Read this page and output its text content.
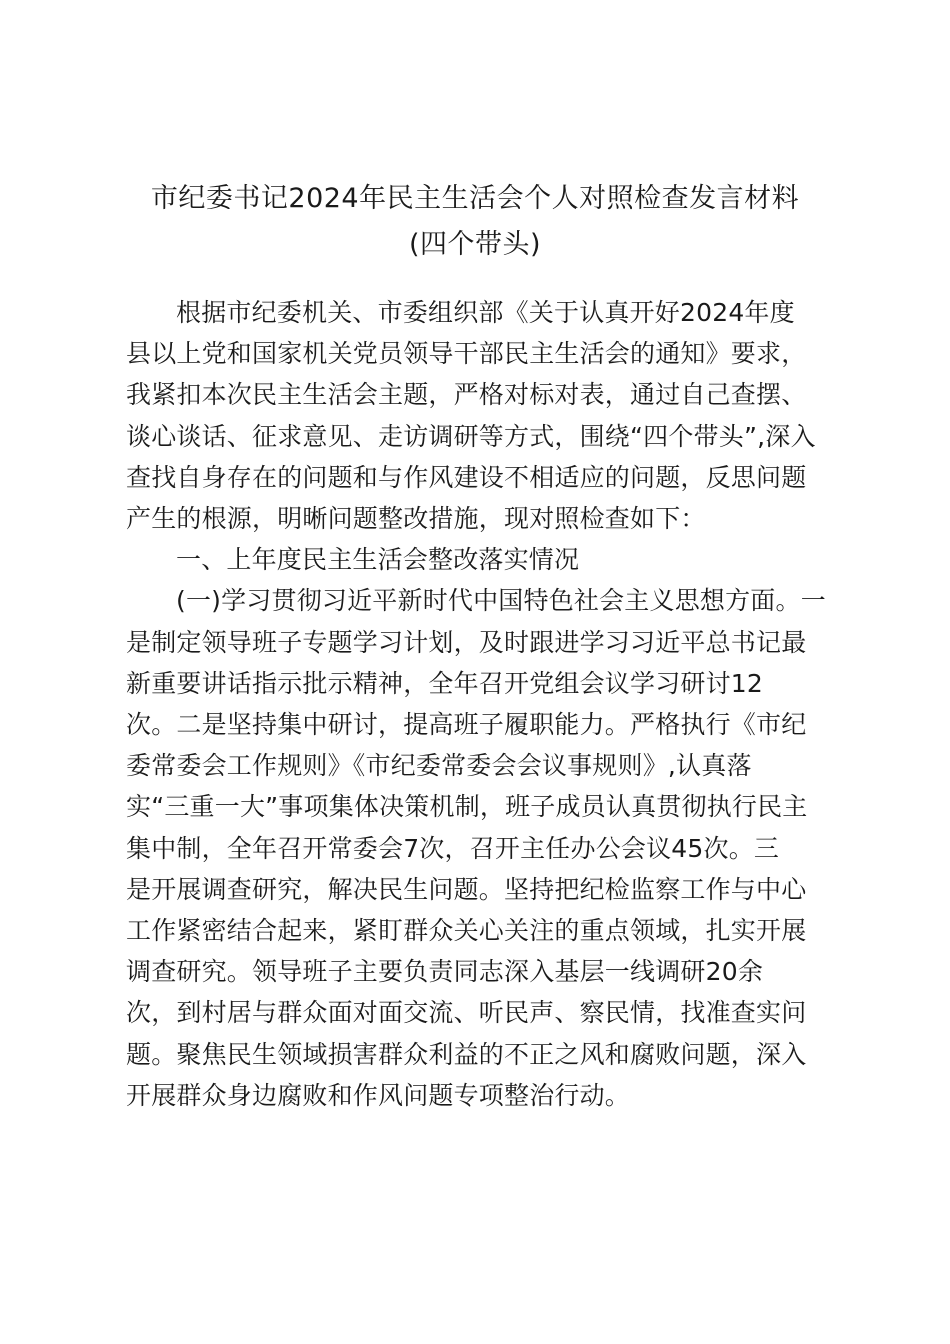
市纪委书记2024年民主生活会个人对照检查发言材料

(四个带头)

根据市纪委机关、市委组织部《关于认真开好2024年度

县以上党和国家机关党员领导干部民主生活会的通知》要求，

我紧扣本次民主生活会主题，严格对标对表，通过自己查摆、

谈心谈话、征求意见、走访调研等方式，围绕“四个带头”,深入

查找自身存在的问题和与作风建设不相适应的问题，反思问题

产生的根源，明晰问题整改措施，现对照检查如下：

一、上年度民主生活会整改落实情况

(一)学习贯彻习近平新时代中国特色社会主义思想方面。一

是制定领导班子专题学习计划，及时跟进学习习近平总书记最

新重要讲话指示批示精神，全年召开党组会议学习研讨12

次。二是坚持集中研讨，提高班子履职能力。严格执行《市纪

委常委会工作规则》《市纪委常委会会议事规则》,认真落

实“三重一大”事项集体决策机制，班子成员认真贯彻执行民主

集中制，全年召开常委会7次，召开主任办公会议45次。三

是开展调查研究，解决民生问题。坚持把纪检监察工作与中心

工作紧密结合起来，紧盯群众关心关注的重点领域，扎实开展

调查研究。领导班子主要负责同志深入基层一线调研20余

次，到村居与群众面对面交流、听民声、察民情，找准查实问

题。聚焦民生领域损害群众利益的不正之风和腐败问题，深入

开展群众身边腐败和作风问题专项整治行动。
